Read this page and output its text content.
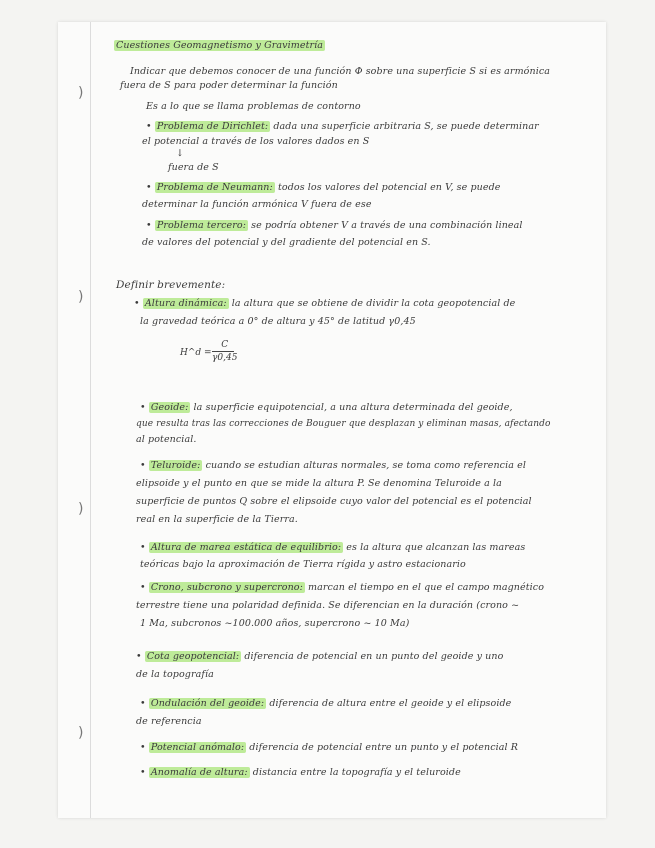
)
)
)
)
Cuestiones Geomagnetismo y Gravimetría
Indicar que debemos conocer de una función Φ sobre una superficie S si es armónica
fuera de S para poder determinar la función
Es a lo que se llama problemas de contorno
• Problema de Dirichlet: dada una superficie arbitraria S, se puede determinar
el potencial a través de los valores dados en S
↓
fuera de S
• Problema de Neumann: todos los valores del potencial en V, se puede
determinar la función armónica V fuera de ese
• Problema tercero: se podría obtener V a través de una combinación lineal
de valores del potencial y del gradiente del potencial en S.
Definir brevemente:
• Altura dinámica: la altura que se obtiene de dividir la cota geopotencial de
la gravedad teórica a 0° de altura y 45° de latitud γ0,45
H^d =
C
γ0,45
• Geoide: la superficie equipotencial, a una altura determinada del geoide,
que resulta tras las correcciones de Bouguer que desplazan y eliminan masas, afectando
al potencial.
• Teluroide: cuando se estudian alturas normales, se toma como referencia el
elipsoide y el punto en que se mide la altura P. Se denomina Teluroide a la
superficie de puntos Q sobre el elipsoide cuyo valor del potencial es el potencial
real en la superficie de la Tierra.
• Altura de marea estática de equilibrio: es la altura que alcanzan las mareas
teóricas bajo la aproximación de Tierra rígida y astro estacionario
• Crono, subcrono y supercrono: marcan el tiempo en el que el campo magnético
terrestre tiene una polaridad definida. Se diferencian en la duración (crono ~
1 Ma, subcronos ~100.000 años, supercrono ~ 10 Ma)
• Cota geopotencial: diferencia de potencial en un punto del geoide y uno
de la topografía
• Ondulación del geoide: diferencia de altura entre el geoide y el elipsoide
de referencia
• Potencial anómalo: diferencia de potencial entre un punto y el potencial R
• Anomalía de altura: distancia entre la topografía y el teluroide
